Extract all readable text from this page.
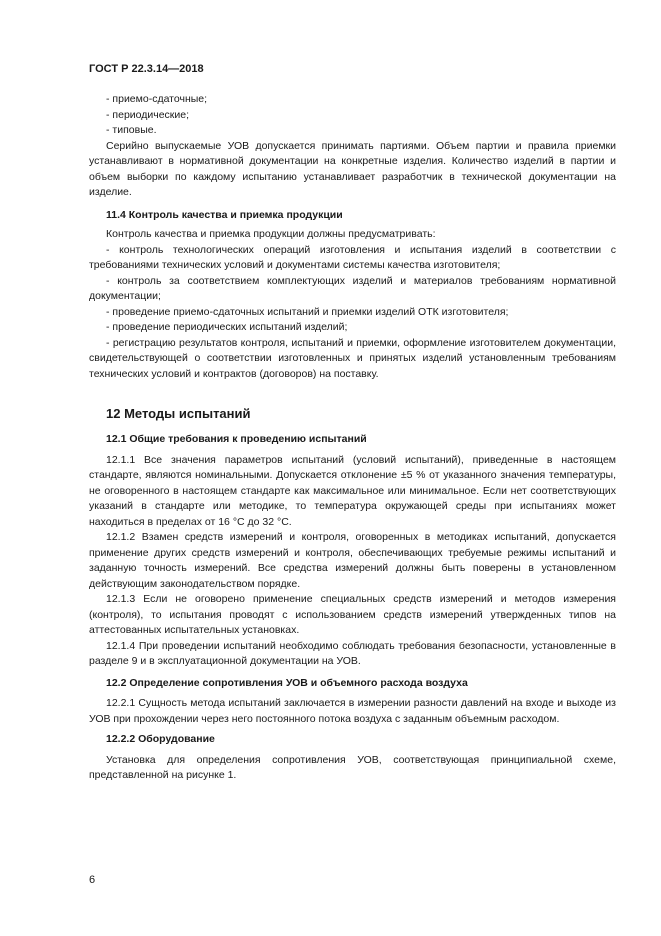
ГОСТ Р 22.3.14—2018

- приемо-сдаточные;

- периодические;

- типовые.

Серийно выпускаемые УОВ допускается принимать партиями. Объем партии и правила приемки устанавливают в нормативной документации на конкретные изделия. Количество изделий в партии и объем выборки по каждому испытанию устанавливает разработчик в технической документации на изделие.

11.4 Контроль качества и приемка продукции

Контроль качества и приемка продукции должны предусматривать:

- контроль технологических операций изготовления и испытания изделий в соответствии с требованиями технических условий и документами системы качества изготовителя;

- контроль за соответствием комплектующих изделий и материалов требованиям нормативной документации;

- проведение приемо-сдаточных испытаний и приемки изделий ОТК изготовителя;

- проведение периодических испытаний изделий;

- регистрацию результатов контроля, испытаний и приемки, оформление изготовителем документации, свидетельствующей о соответствии изготовленных и принятых изделий установленным требованиям технических условий и контрактов (договоров) на поставку.

12 Методы испытаний
12.1 Общие требования к проведению испытаний

12.1.1 Все значения параметров испытаний (условий испытаний), приведенные в настоящем стандарте, являются номинальными. Допускается отклонение ±5 % от указанного значения температуры, не оговоренного в настоящем стандарте как максимальное или минимальное. Если нет соответствующих указаний в стандарте или методике, то температура окружающей среды при испытаниях может находиться в пределах от 16 °С до 32 °С.

12.1.2 Взамен средств измерений и контроля, оговоренных в методиках испытаний, допускается применение других средств измерений и контроля, обеспечивающих требуемые режимы испытаний и заданную точность измерений. Все средства измерений должны быть поверены в установленном действующим законодательством порядке.

12.1.3 Если не оговорено применение специальных средств измерений и методов измерения (контроля), то испытания проводят с использованием средств измерений утвержденных типов на аттестованных испытательных установках.

12.1.4 При проведении испытаний необходимо соблюдать требования безопасности, установленные в разделе 9 и в эксплуатационной документации на УОВ.

12.2 Определение сопротивления УОВ и объемного расхода воздуха

12.2.1 Сущность метода испытаний заключается в измерении разности давлений на входе и выходе из УОВ при прохождении через него постоянного потока воздуха с заданным объемным расходом.

12.2.2 Оборудование

Установка для определения сопротивления УОВ, соответствующая принципиальной схеме, представленной на рисунке 1.

6
